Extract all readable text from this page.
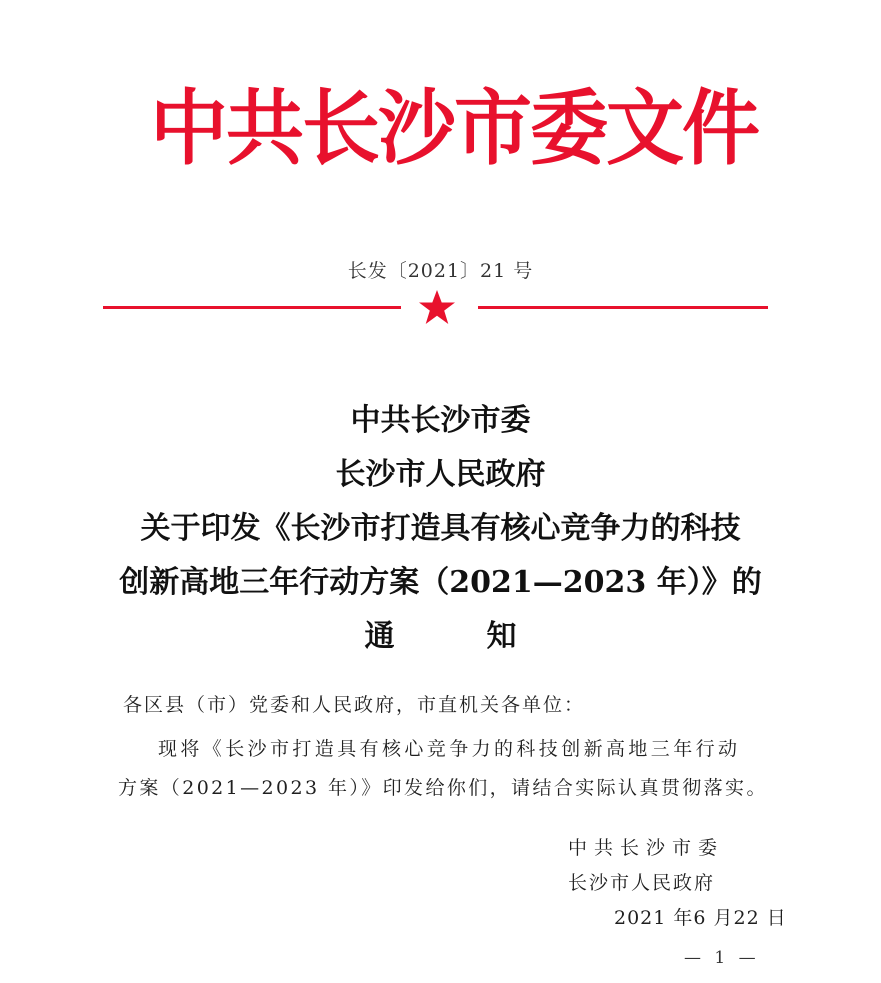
中共长沙市委文件
长发〔2021〕21 号
中共长沙市委
长沙市人民政府
关于印发《长沙市打造具有核心竞争力的科技
创新高地三年行动方案（2021—2023 年）》的
通知
各区县（市）党委和人民政府，市直机关各单位：
现将《长沙市打造具有核心竞争力的科技创新高地三年行动
方案（2021—2023 年）》印发给你们，请结合实际认真贯彻落实。
中共长沙市委
长沙市人民政府
2021 年6 月22 日
— 1 —
